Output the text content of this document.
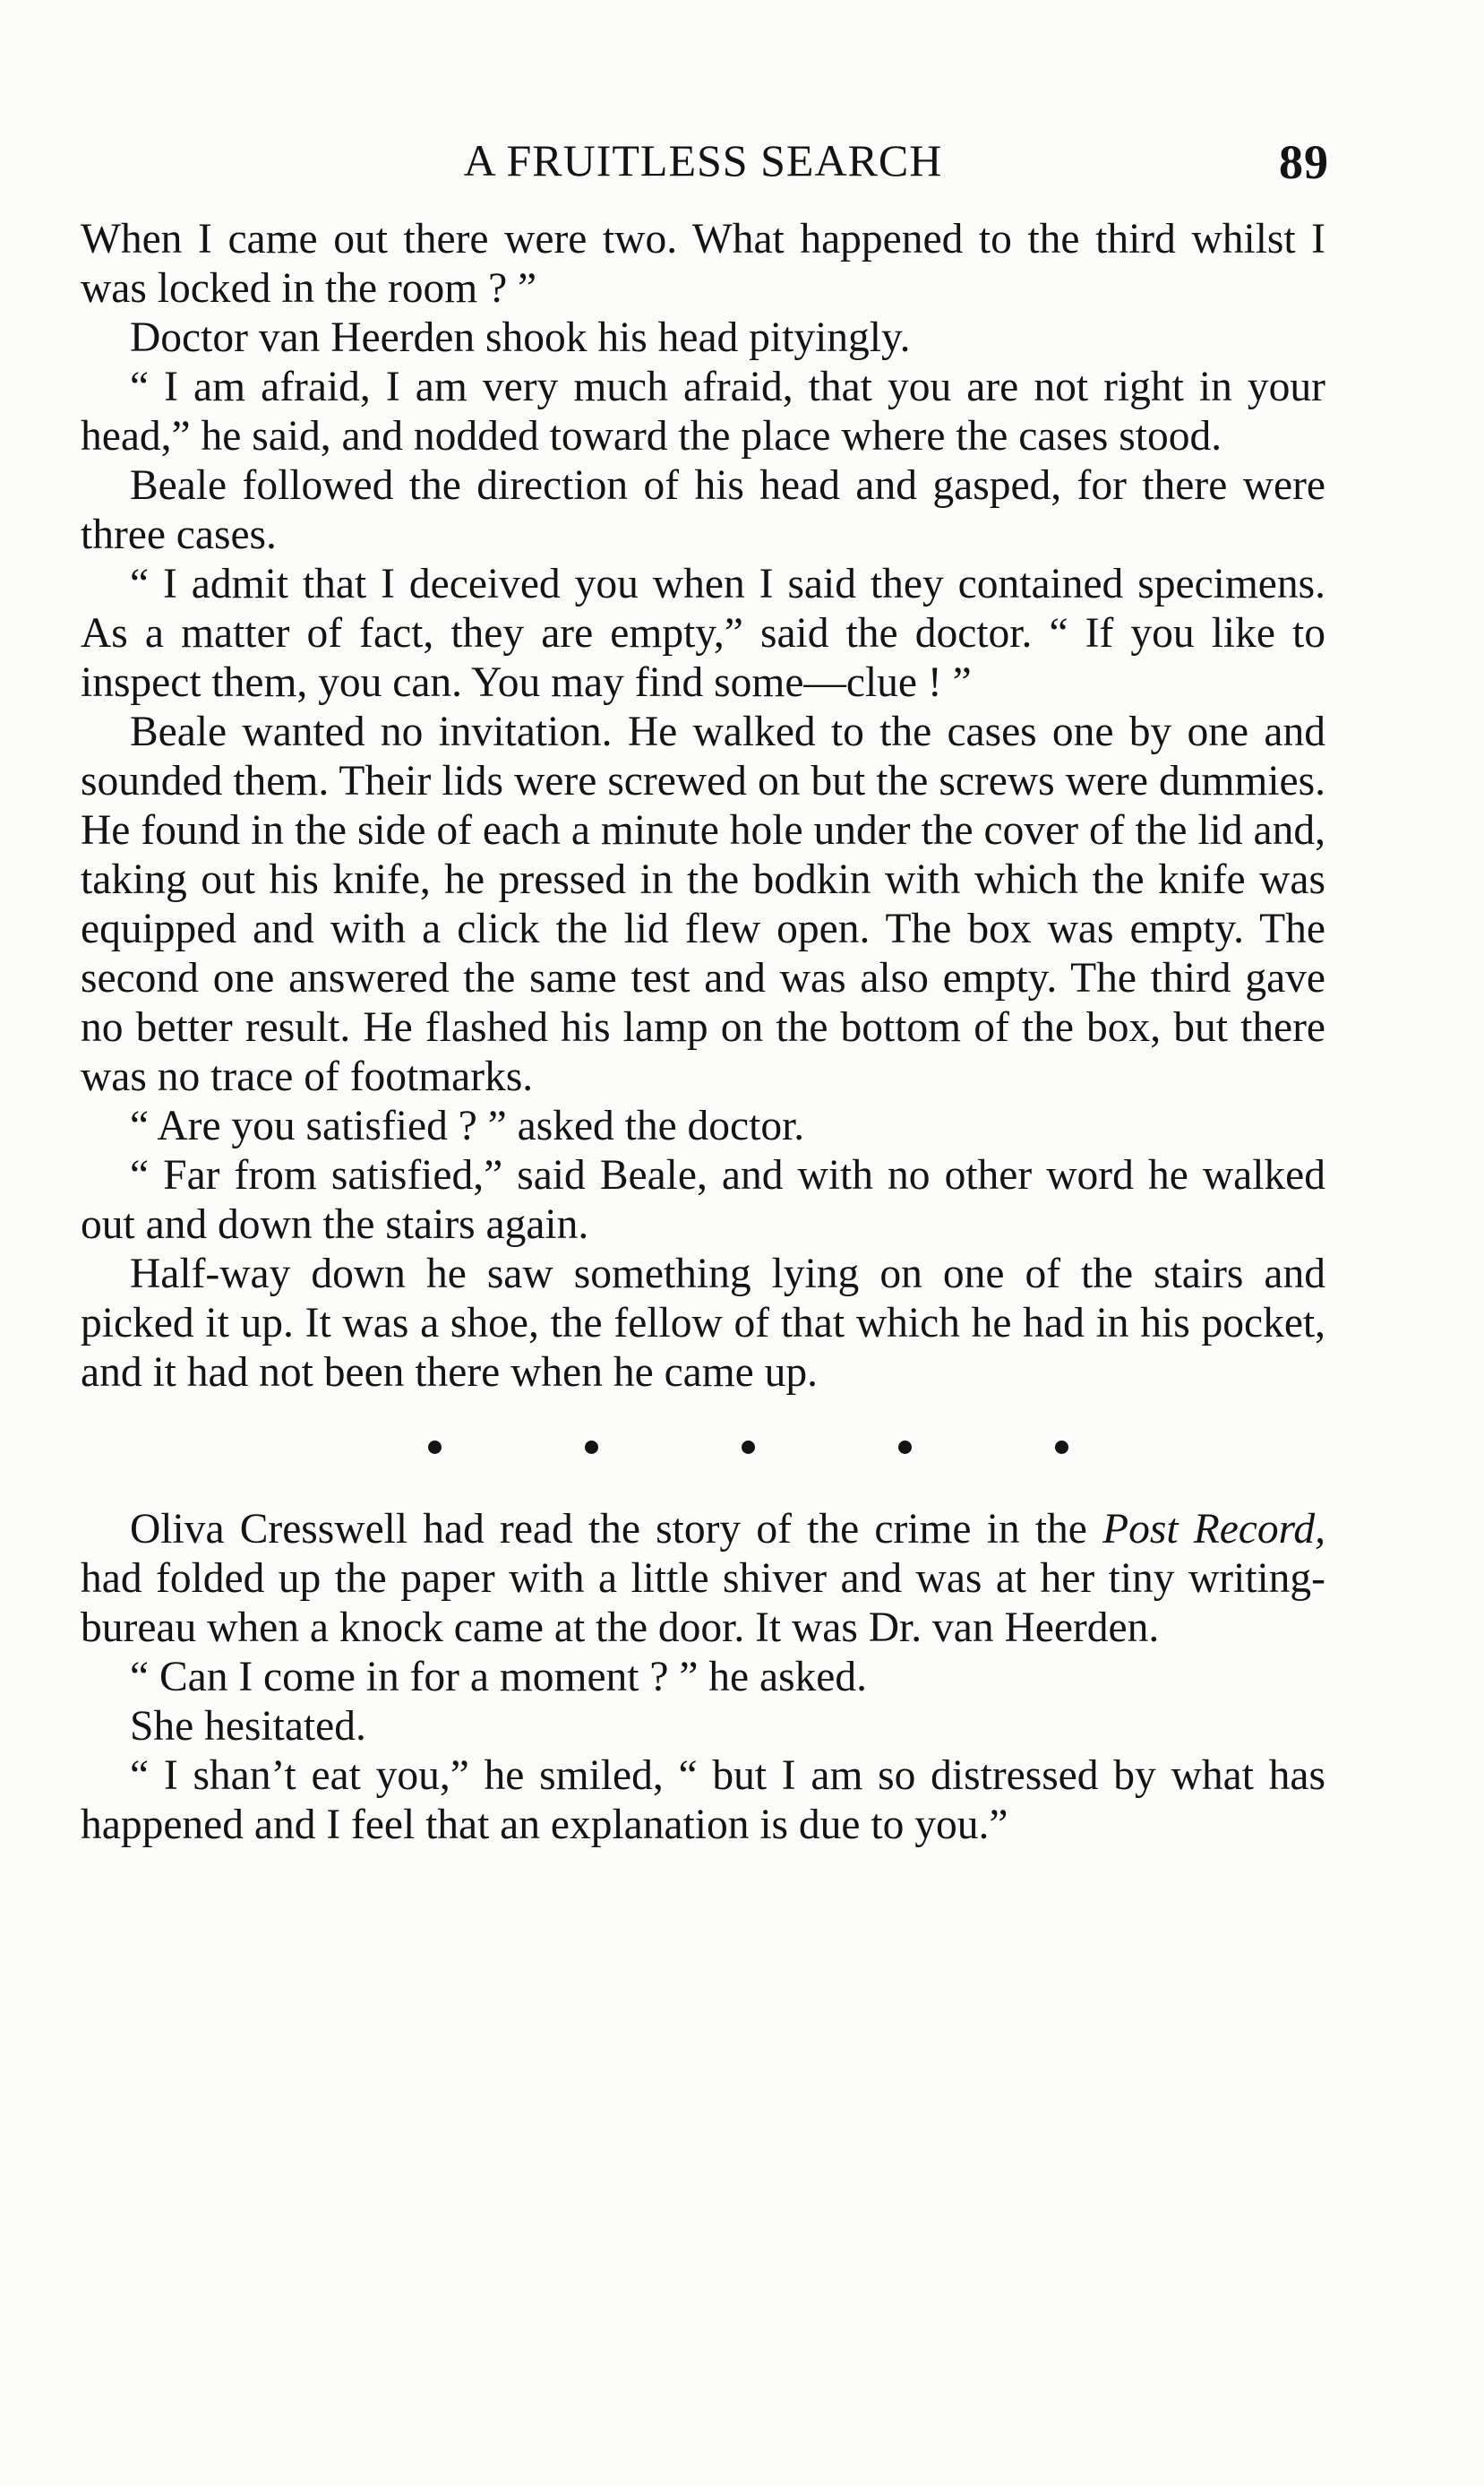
A FRUITLESS SEARCH	89

When I came out there were two. What happened to the third whilst I was locked in the room ? ”

Doctor van Heerden shook his head pityingly.

“ I am afraid, I am very much afraid, that you are not right in your head,” he said, and nodded toward the place where the cases stood.

Beale followed the direction of his head and gasped, for there were three cases.

“ I admit that I deceived you when I said they contained specimens. As a matter of fact, they are empty,” said the doctor. “ If you like to inspect them, you can. You may find some—clue ! ”

Beale wanted no invitation. He walked to the cases one by one and sounded them. Their lids were screwed on but the screws were dummies. He found in the side of each a minute hole under the cover of the lid and, taking out his knife, he pressed in the bodkin with which the knife was equipped and with a click the lid flew open. The box was empty. The second one answered the same test and was also empty. The third gave no better result. He flashed his lamp on the bottom of the box, but there was no trace of footmarks.

“ Are you satisfied ? ” asked the doctor.

“ Far from satisfied,” said Beale, and with no other word he walked out and down the stairs again.

Half-way down he saw something lying on one of the stairs and picked it up. It was a shoe, the fellow of that which he had in his pocket, and it had not been there when he came up.

Oliva Cresswell had read the story of the crime in the Post Record, had folded up the paper with a little shiver and was at her tiny writing-bureau when a knock came at the door. It was Dr. van Heerden.

“ Can I come in for a moment ? ” he asked.

She hesitated.

“ I shan’t eat you,” he smiled, “ but I am so distressed by what has happened and I feel that an explanation is due to you.”
